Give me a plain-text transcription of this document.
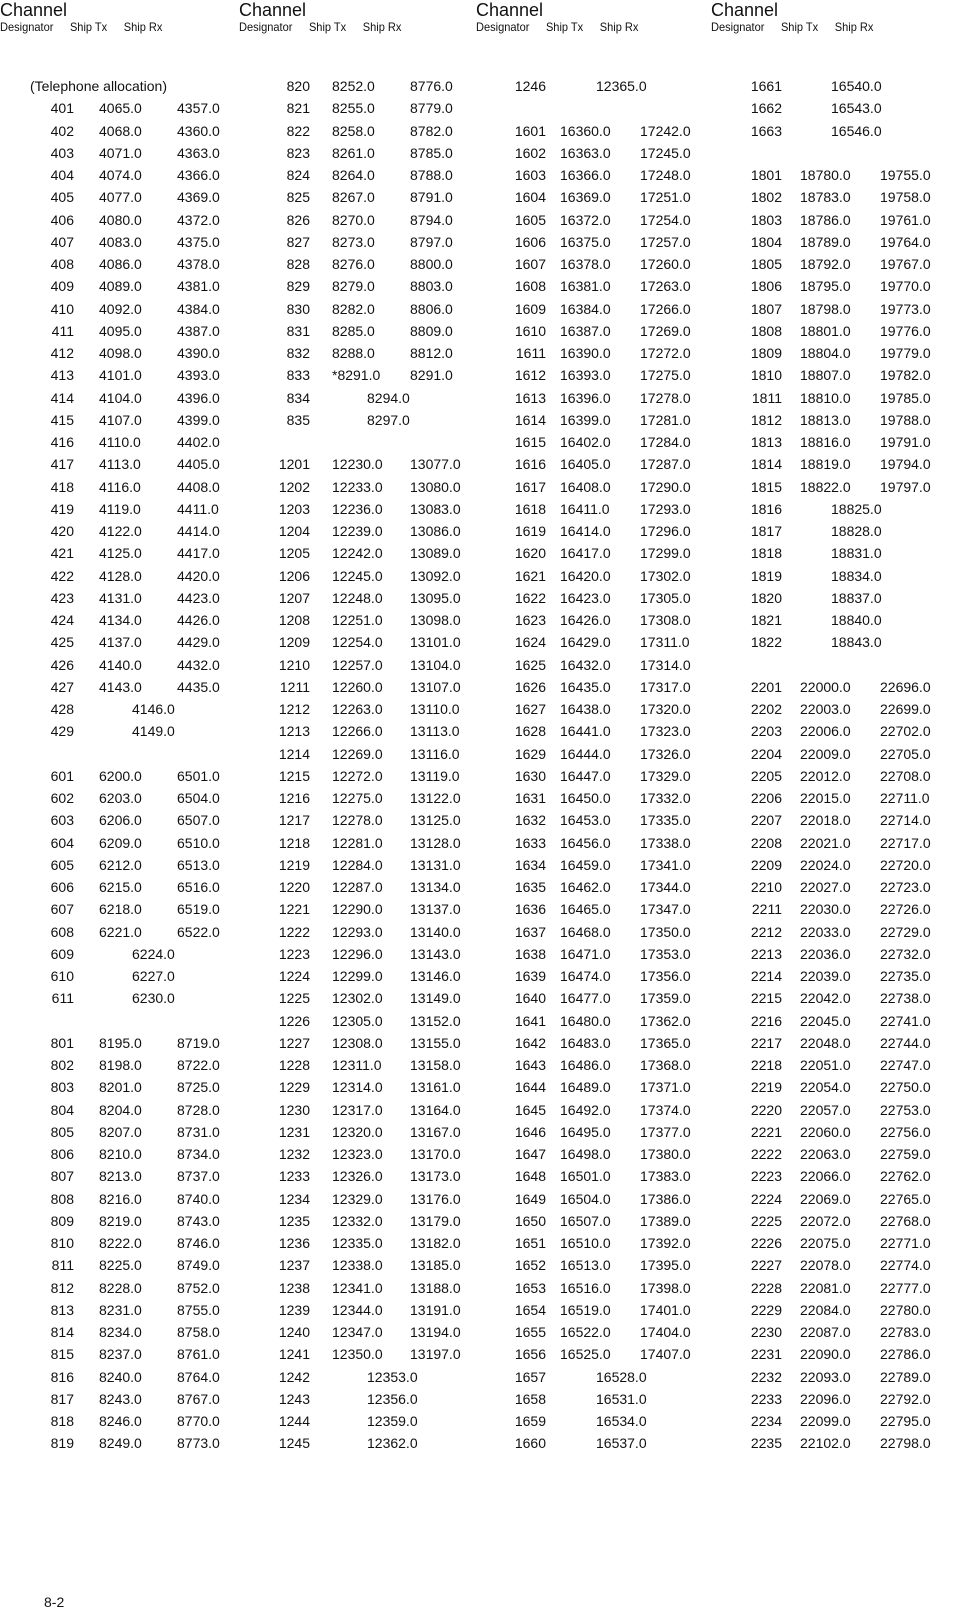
Channel
Designator Ship Tx Ship Rx
Channel
Designator Ship Tx Ship Rx
Channel
Designator Ship Tx Ship Rx
Channel
Designator Ship Tx Ship Rx
(Telephone allocation)
401 4065.0	4357.0
402 4068.0	4360.0
403 4071.0	4363.0
404 4074.0	4366.0
405 4077.0	4369.0
406 4080.0	4372.0
407 4083.0	4375.0
408 4086.0	4378.0
409 4089.0	4381.0
410 4092.0	4384.0
411 4095.0	4387.0
412 4098.0	4390.0
413 4101.0	4393.0
414 4104.0	4396.0
415 4107.0	4399.0
416 4110.0	4402.0
417 4113.0	4405.0
418 4116.0	4408.0
419 4119.0	4411.0
420 4122.0	4414.0
421 4125.0	4417.0
422 4128.0	4420.0
423 4131.0	4423.0
424 4134.0	4426.0
425 4137.0	4429.0
426 4140.0	4432.0
427 4143.0	4435.0
428	4146.0
429	4149.0
601 6200.0	6501.0
602 6203.0	6504.0
603 6206.0	6507.0
604 6209.0	6510.0
605 6212.0	6513.0
606 6215.0	6516.0
607 6218.0	6519.0
608 6221.0	6522.0
609	6224.0
610	6227.0
611	6230.0
801 8195.0	8719.0
802 8198.0	8722.0
803 8201.0	8725.0
804 8204.0	8728.0
805 8207.0	8731.0
806 8210.0	8734.0
807 8213.0	8737.0
808 8216.0	8740.0
809 8219.0	8743.0
810 8222.0	8746.0
811 8225.0	8749.0
812 8228.0	8752.0
813 8231.0	8755.0
814 8234.0	8758.0
815 8237.0	8761.0
816 8240.0	8764.0
817 8243.0	8767.0
818 8246.0	8770.0
819 8249.0	8773.0
820 8252.0	8776.0
821 8255.0	8779.0
822 8258.0	8782.0
823 8261.0	8785.0
824 8264.0	8788.0
825 8267.0	8791.0
826 8270.0	8794.0
827 8273.0	8797.0
828 8276.0	8800.0
829 8279.0	8803.0
830 8282.0	8806.0
831 8285.0	8809.0
832 8288.0	8812.0
833 *8291.0 8291.0
834	8294.0
835	8297.0
1201 12230.0 13077.0
1202 12233.0 13080.0
1203 12236.0 13083.0
1204 12239.0 13086.0
1205 12242.0 13089.0
1206 12245.0 13092.0
1207 12248.0 13095.0
1208 12251.0 13098.0
1209 12254.0 13101.0
1210 12257.0 13104.0
1211 12260.0 13107.0
1212 12263.0 13110.0
1213 12266.0 13113.0
1214 12269.0 13116.0
1215 12272.0 13119.0
1216 12275.0 13122.0
1217 12278.0 13125.0
1218 12281.0 13128.0
1219 12284.0 13131.0
1220 12287.0 13134.0
1221 12290.0 13137.0
1222 12293.0 13140.0
1223 12296.0 13143.0
1224 12299.0 13146.0
1225 12302.0 13149.0
1226 12305.0 13152.0
1227 12308.0 13155.0
1228 12311.0 13158.0
1229 12314.0 13161.0
1230 12317.0 13164.0
1231 12320.0 13167.0
1232 12323.0 13170.0
1233 12326.0 13173.0
1234 12329.0 13176.0
1235 12332.0 13179.0
1236 12335.0 13182.0
1237 12338.0 13185.0
1238 12341.0 13188.0
1239 12344.0 13191.0
1240 12347.0 13194.0
1241 12350.0 13197.0
1242	12353.0
1243	12356.0
1244	12359.0
1245	12362.0
1246	12365.0
1601 16360.0 17242.0
1602 16363.0 17245.0
1603 16366.0 17248.0
1604 16369.0 17251.0
1605 16372.0 17254.0
1606 16375.0 17257.0
1607 16378.0 17260.0
1608 16381.0 17263.0
1609 16384.0 17266.0
1610 16387.0 17269.0
1611 16390.0 17272.0
1612 16393.0 17275.0
1613 16396.0 17278.0
1614 16399.0 17281.0
1615 16402.0 17284.0
1616 16405.0 17287.0
1617 16408.0 17290.0
1618 16411.0 17293.0
1619 16414.0 17296.0
1620 16417.0 17299.0
1621 16420.0 17302.0
1622 16423.0 17305.0
1623 16426.0 17308.0
1624 16429.0 17311.0
1625 16432.0 17314.0
1626 16435.0 17317.0
1627 16438.0 17320.0
1628 16441.0 17323.0
1629 16444.0 17326.0
1630 16447.0 17329.0
1631 16450.0 17332.0
1632 16453.0 17335.0
1633 16456.0 17338.0
1634 16459.0 17341.0
1635 16462.0 17344.0
1636 16465.0 17347.0
1637 16468.0 17350.0
1638 16471.0 17353.0
1639 16474.0 17356.0
1640 16477.0 17359.0
1641 16480.0 17362.0
1642 16483.0 17365.0
1643 16486.0 17368.0
1644 16489.0 17371.0
1645 16492.0 17374.0
1646 16495.0 17377.0
1647 16498.0 17380.0
1648 16501.0 17383.0
1649 16504.0 17386.0
1650 16507.0 17389.0
1651 16510.0 17392.0
1652 16513.0 17395.0
1653 16516.0 17398.0
1654 16519.0 17401.0
1655 16522.0 17404.0
1656 16525.0 17407.0
1657	16528.0
1658	16531.0
1659	16534.0
1660	16537.0
1661	16540.0
1662	16543.0
1663	16546.0
1801 18780.0 19755.0
1802 18783.0 19758.0
1803 18786.0 19761.0
1804 18789.0 19764.0
1805 18792.0 19767.0
1806 18795.0 19770.0
1807 18798.0 19773.0
1808 18801.0 19776.0
1809 18804.0 19779.0
1810 18807.0 19782.0
1811 18810.0 19785.0
1812 18813.0 19788.0
1813 18816.0 19791.0
1814 18819.0 19794.0
1815 18822.0 19797.0
1816	18825.0
1817	18828.0
1818	18831.0
1819	18834.0
1820	18837.0
1821	18840.0
1822	18843.0
2201 22000.0 22696.0
2202 22003.0 22699.0
2203 22006.0 22702.0
2204 22009.0 22705.0
2205 22012.0 22708.0
2206 22015.0 22711.0
2207 22018.0 22714.0
2208 22021.0 22717.0
2209 22024.0 22720.0
2210 22027.0 22723.0
2211 22030.0 22726.0
2212 22033.0 22729.0
2213 22036.0 22732.0
2214 22039.0 22735.0
2215 22042.0 22738.0
2216 22045.0 22741.0
2217 22048.0 22744.0
2218 22051.0 22747.0
2219 22054.0 22750.0
2220 22057.0 22753.0
2221 22060.0 22756.0
2222 22063.0 22759.0
2223 22066.0 22762.0
2224 22069.0 22765.0
2225 22072.0 22768.0
2226 22075.0 22771.0
2227 22078.0 22774.0
2228 22081.0 22777.0
2229 22084.0 22780.0
2230 22087.0 22783.0
2231 22090.0 22786.0
2232 22093.0 22789.0
2233 22096.0 22792.0
2234 22099.0 22795.0
2235 22102.0 22798.0
8-2
